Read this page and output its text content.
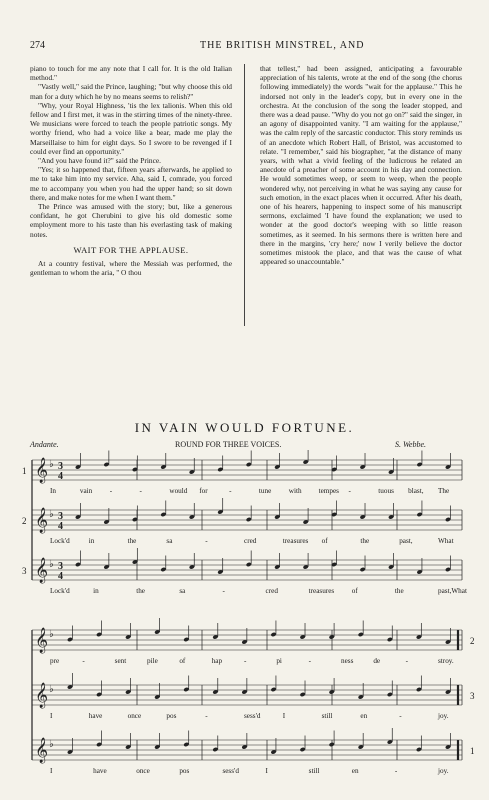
274	THE BRITISH MINSTREL, AND

piano to touch for me any note that I call for. It is the old Italian method."

"Vastly well," said the Prince, laughing; "but why choose this old man for a duty which he by no means seems to relish?"

"Why, your Royal Highness, 'tis the lex talionis. When this old fellow and I first met, it was in the stirring times of the ninety-three. We musicians were forced to teach the people patriotic songs. My worthy friend, who had a voice like a bear, made me play the Marseillaise to him for eight days. So I swore to be revenged if I could ever find an opportunity."

"And you have found it?" said the Prince.

"Yes; it so happened that, fifteen years afterwards, he applied to me to take him into my service. Aha, said I, comrade, you forced me to accompany you when you had the upper hand; so sit down there, and make notes for me when I want them."

The Prince was amused with the story; but, like a generous confidant, he got Cherubini to give his old domestic some employment more to his taste than his everlasting task of making notes.

WAIT FOR THE APPLAUSE.

At a country festival, where the Messiah was performed, the gentleman to whom the aria, " O thou

that tellest," had been assigned, anticipating a favourable appreciation of his talents, wrote at the end of the song (the chorus following immediately) the words "wait for the applause." This he indorsed not only in the leader's copy, but in every one in the orchestra. At the conclusion of the song the leader stopped, and there was a dead pause. "Why do you not go on?" said the singer, in an agony of disappointed vanity. "I am waiting for the applause," was the calm reply of the sarcastic conductor. This story reminds us of an anecdote which Robert Hall, of Bristol, was accustomed to relate. "I remember," said his biographer, "at the distance of many years, with what a vivid feeling of the ludicrous he related an anecdote of a preacher of some account in his day and connection. He would sometimes weep, or seem to weep, when the people wondered why, not perceiving in what he was saying any cause for such emotion, in the exact places when it occurred. After his death, one of his hearers, happening to inspect some of his manuscript sermons, exclaimed 'I have found the explanation; we used to wonder at the good doctor's weeping with so little reason sometimes, as it seemed. In his sermons there is written here and there in the margins, 'cry here;' now I verily believe the doctor sometimes mistook the place, and that was the cause of what appeared so unaccountable."

IN VAIN WOULD FORTUNE.
Andante.	ROUND FOR THREE VOICES.	S. Webbe.
𝄞 ♭ 3
4
1
In	vain -	-	would for	-	tune with tempes -	tuous blast, The
𝄞 ♭ 3
4
2
Lock'd	in	the	sa	-	cred	treasures of	the	past,	What
𝄞 ♭ 3
4
3
Lock'd	in	the	sa	-	cred	treasures of	the	past,What
𝄞 ♭
2
pre	-	sent	pile	of	hap	-	pi	-	ness	de	-	stroy.
𝄞 ♭
3
I	have	once	pos	-	sess'd	I	still	en	-	joy.
𝄞 ♭
1
I	have	once	pos	sess'd	I	still	en	-	joy.
